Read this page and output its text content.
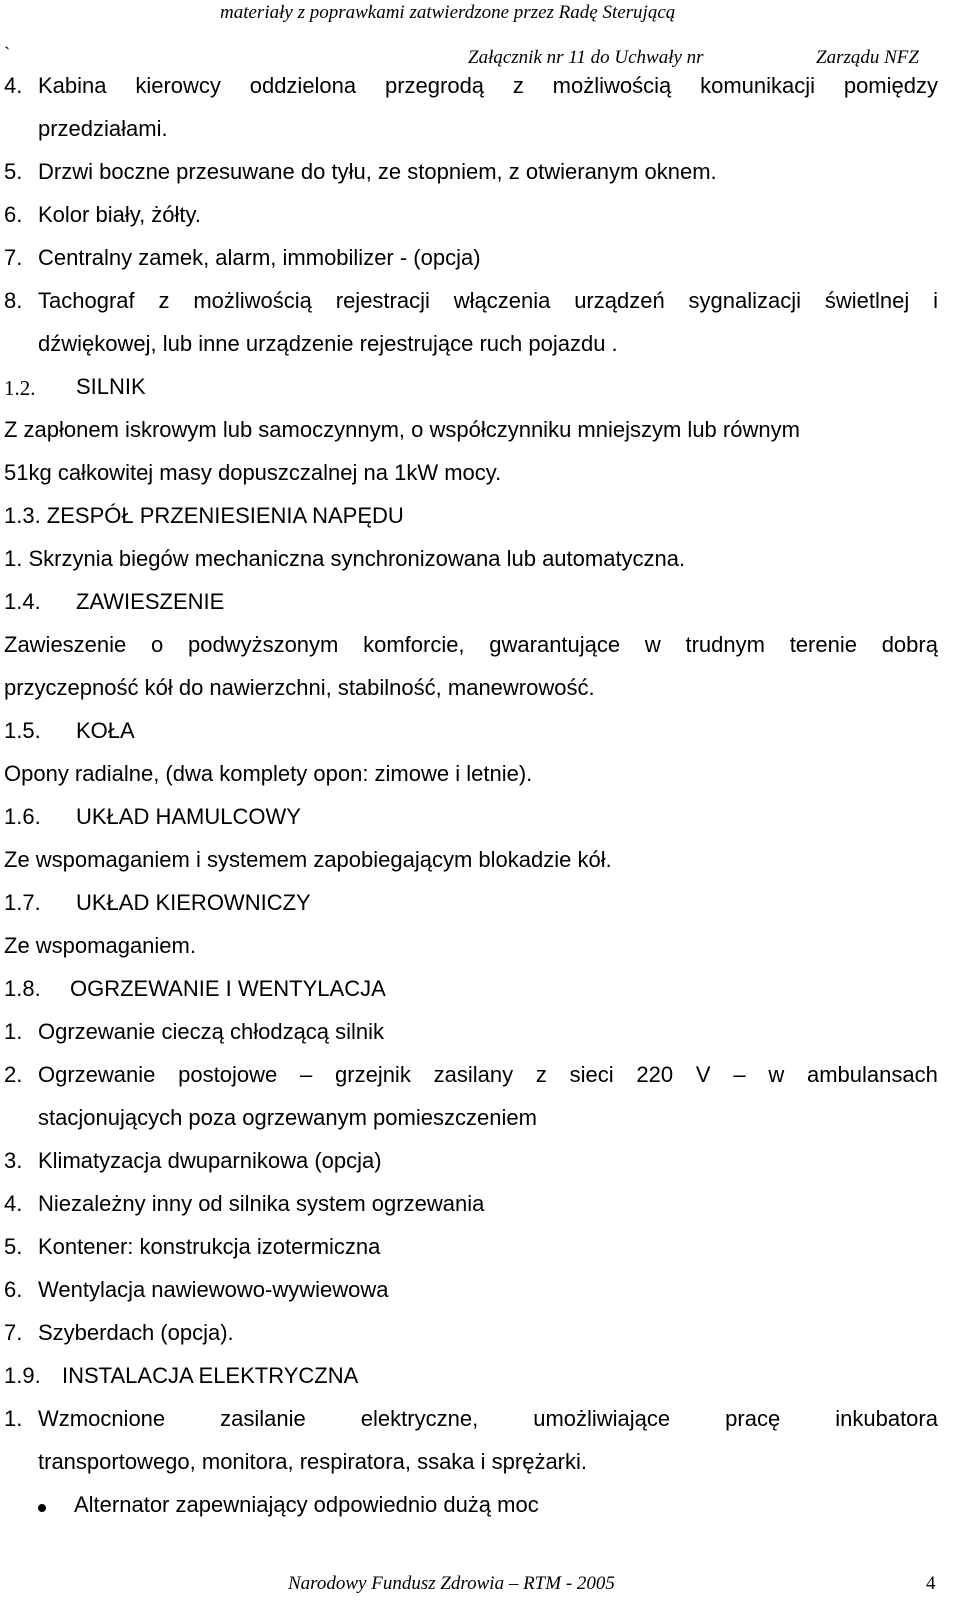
materiały z poprawkami zatwierdzone przez Radę Sterującą
`	Załącznik nr 11 do Uchwały nr	Zarządu NFZ
4. Kabina kierowcy oddzielona przegrodą z możliwością komunikacji pomiędzy
przedziałami.
5. Drzwi boczne przesuwane do tyłu, ze stopniem, z otwieranym oknem.
6. Kolor biały, żółty.
7. Centralny zamek, alarm, immobilizer - (opcja)
8. Tachograf z możliwością rejestracji włączenia urządzeń sygnalizacji świetlnej i
dźwiękowej, lub inne urządzenie rejestrujące ruch pojazdu .
1.2. SILNIK
Z zapłonem iskrowym lub samoczynnym, o współczynniku mniejszym lub równym
51kg całkowitej masy dopuszczalnej na 1kW mocy.
1.3. ZESPÓŁ PRZENIESIENIA NAPĘDU
1. Skrzynia biegów mechaniczna synchronizowana lub automatyczna.
1.4. ZAWIESZENIE
Zawieszenie o podwyższonym komforcie, gwarantujące w trudnym terenie dobrą
przyczepność kół do nawierzchni, stabilność, manewrowość.
1.5. KOŁA
Opony radialne, (dwa komplety opon: zimowe i letnie).
1.6. UKŁAD HAMULCOWY
Ze wspomaganiem i systemem zapobiegającym blokadzie kół.
1.7. UKŁAD KIEROWNICZY
Ze wspomaganiem.
1.8. OGRZEWANIE I WENTYLACJA
1. Ogrzewanie cieczą chłodzącą silnik
2. Ogrzewanie postojowe – grzejnik zasilany z sieci 220 V – w ambulansach
stacjonujących poza ogrzewanym pomieszczeniem
3. Klimatyzacja dwuparnikowa (opcja)
4. Niezależny inny od silnika system ogrzewania
5. Kontener: konstrukcja izotermiczna
6. Wentylacja nawiewowo-wywiewowa
7. Szyberdach (opcja).
1.9. INSTALACJA ELEKTRYCZNA
1. Wzmocnione	zasilanie	elektryczne,	umożliwiające	pracę	inkubatora
transportowego, monitora, respiratora, ssaka i sprężarki.
Alternator zapewniający odpowiednio dużą moc
Narodowy Fundusz Zdrowia – RTM - 2005	4
